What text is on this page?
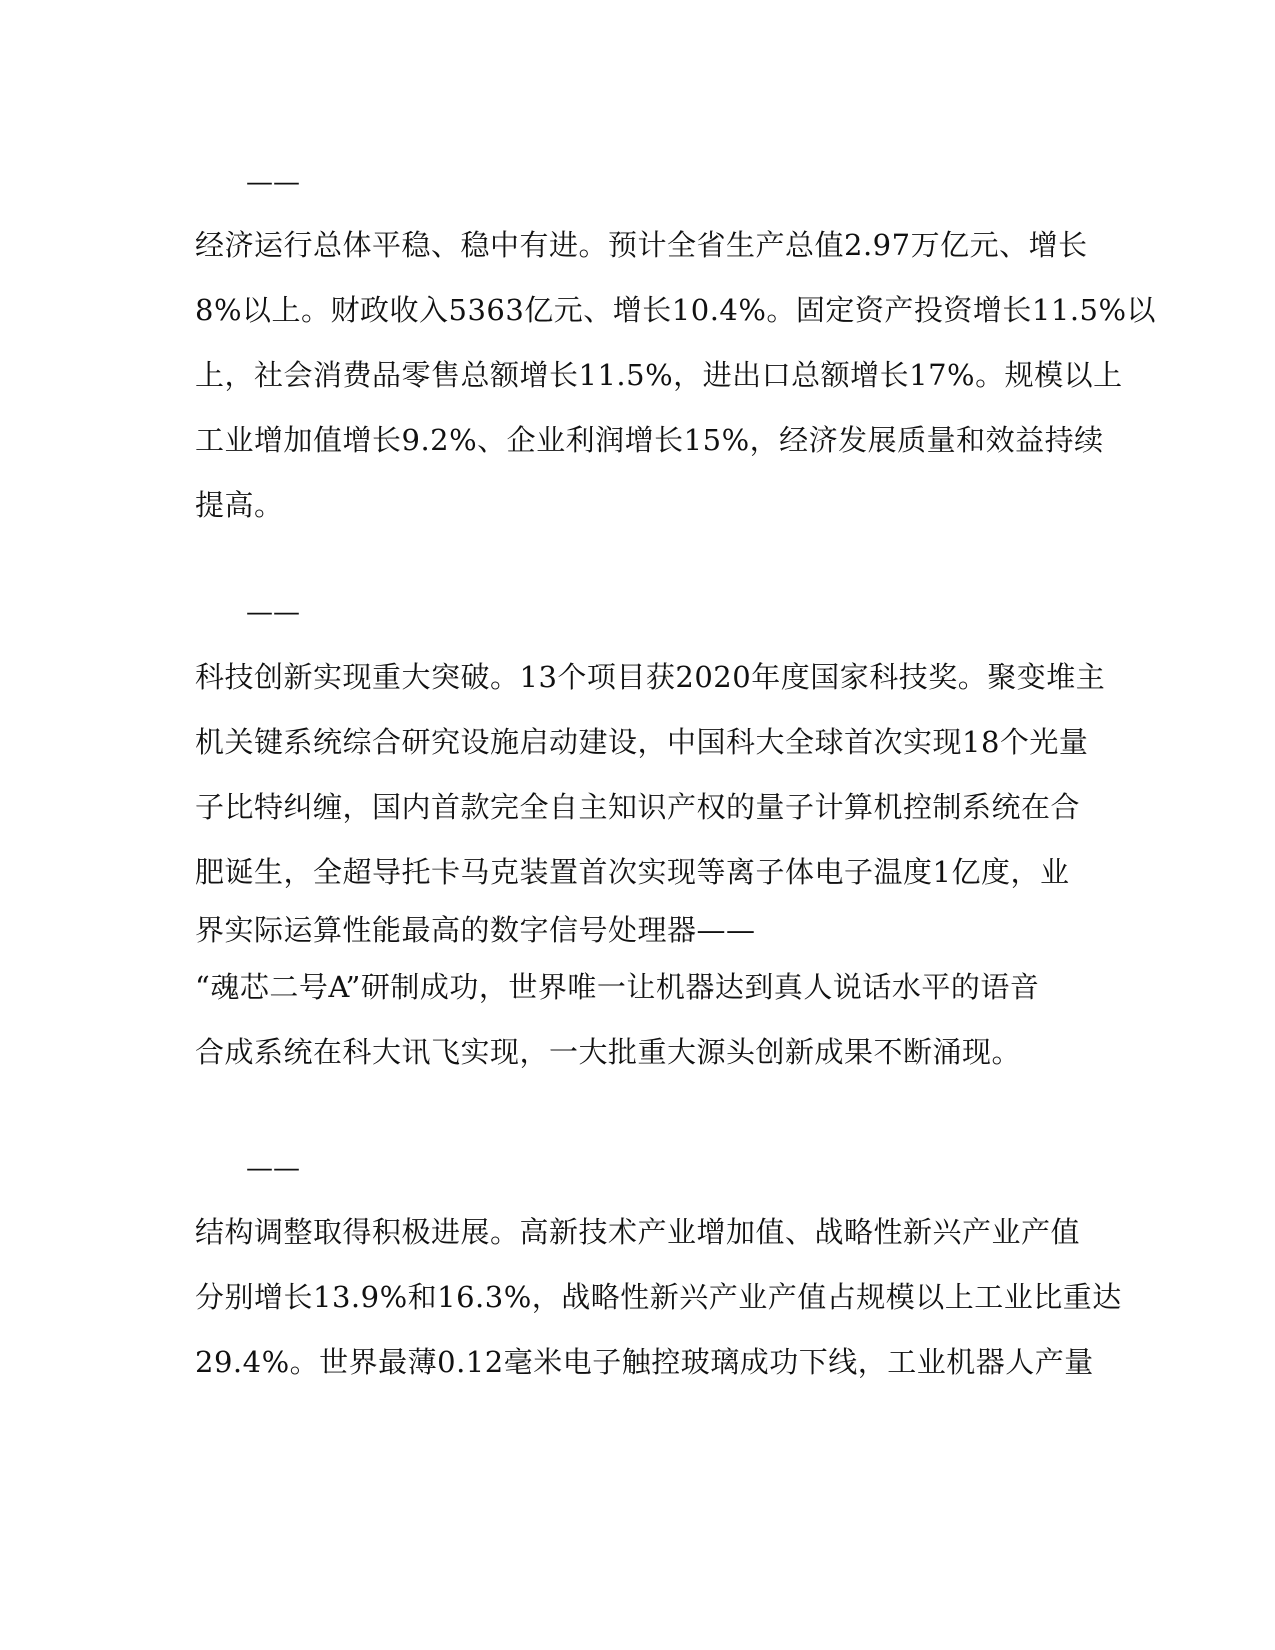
——
经济运行总体平稳、稳中有进。预计全省生产总值2.97万亿元、增长
8%以上。财政收入5363亿元、增长10.4%。固定资产投资增长11.5%以
上，社会消费品零售总额增长11.5%，进出口总额增长17%。规模以上
工业增加值增长9.2%、企业利润增长15%，经济发展质量和效益持续
提高。
——
科技创新实现重大突破。13个项目获2020年度国家科技奖。聚变堆主
机关键系统综合研究设施启动建设，中国科大全球首次实现18个光量
子比特纠缠，国内首款完全自主知识产权的量子计算机控制系统在合
肥诞生，全超导托卡马克装置首次实现等离子体电子温度1亿度，业
界实际运算性能最高的数字信号处理器——
“魂芯二号A”研制成功，世界唯一让机器达到真人说话水平的语音
合成系统在科大讯飞实现，一大批重大源头创新成果不断涌现。
——
结构调整取得积极进展。高新技术产业增加值、战略性新兴产业产值
分别增长13.9%和16.3%，战略性新兴产业产值占规模以上工业比重达
29.4%。世界最薄0.12毫米电子触控玻璃成功下线，工业机器人产量
